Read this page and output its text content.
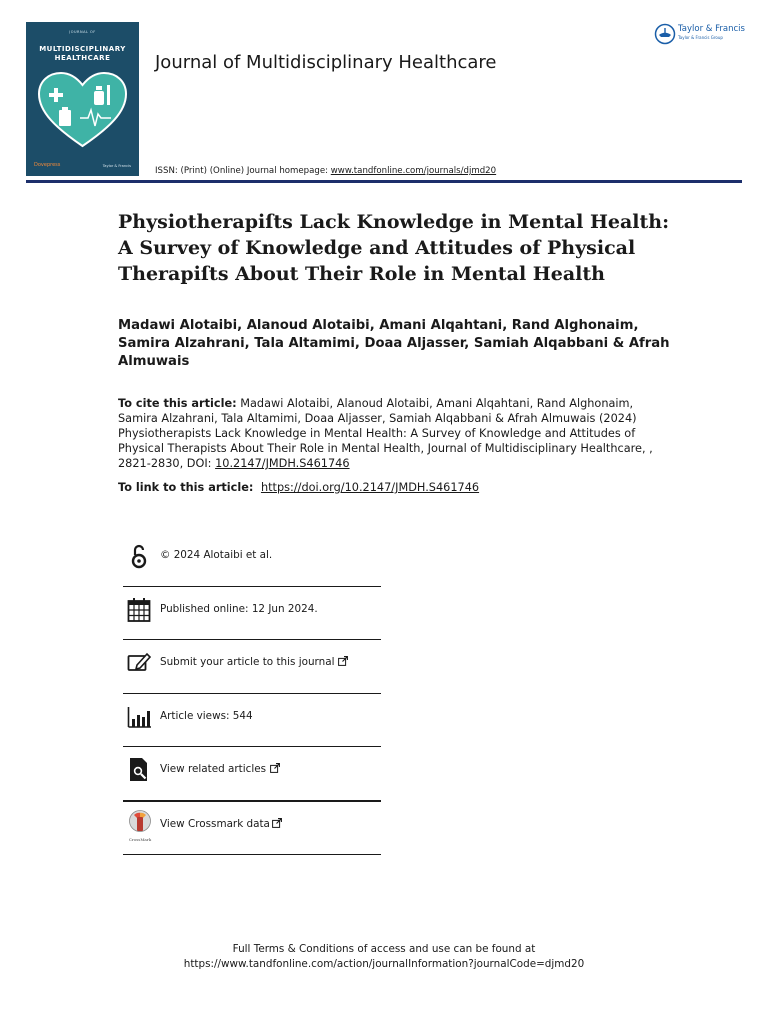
JOURNAL OF
MULTIDISCIPLINARY
HEALTHCARE
Dovepress	Taylor & Francis
Journal of Multidisciplinary Healthcare
ISSN: (Print) (Online) Journal homepage: www.tandfonline.com/journals/djmd20
Taylor & Francis
Taylor & Francis Group
Physiotherapiſts Lack Knowledge in Mental Health:
A Survey of Knowledge and Attitudes of Physical
Therapiſts About Their Role in Mental Health
Madawi Alotaibi, Alanoud Alotaibi, Amani Alqahtani, Rand Alghonaim, Samira Alzahrani, Tala Altamimi, Doaa Aljasser, Samiah Alqabbani & Afrah Almuwais
To cite this article: Madawi Alotaibi, Alanoud Alotaibi, Amani Alqahtani, Rand Alghonaim, Samira Alzahrani, Tala Altamimi, Doaa Aljasser, Samiah Alqabbani & Afrah Almuwais (2024) Physiotherapists Lack Knowledge in Mental Health: A Survey of Knowledge and Attitudes of Physical Therapists About Their Role in Mental Health, Journal of Multidisciplinary Healthcare, , 2821-2830, DOI: 10.2147/JMDH.S461746
To link to this article:  https://doi.org/10.2147/JMDH.S461746
© 2024 Alotaibi et al.
Published online: 12 Jun 2024.
Submit your article to this journal
Article views: 544
View related articles
CrossMark
View Crossmark data
Full Terms & Conditions of access and use can be found at
https://www.tandfonline.com/action/journalInformation?journalCode=djmd20
